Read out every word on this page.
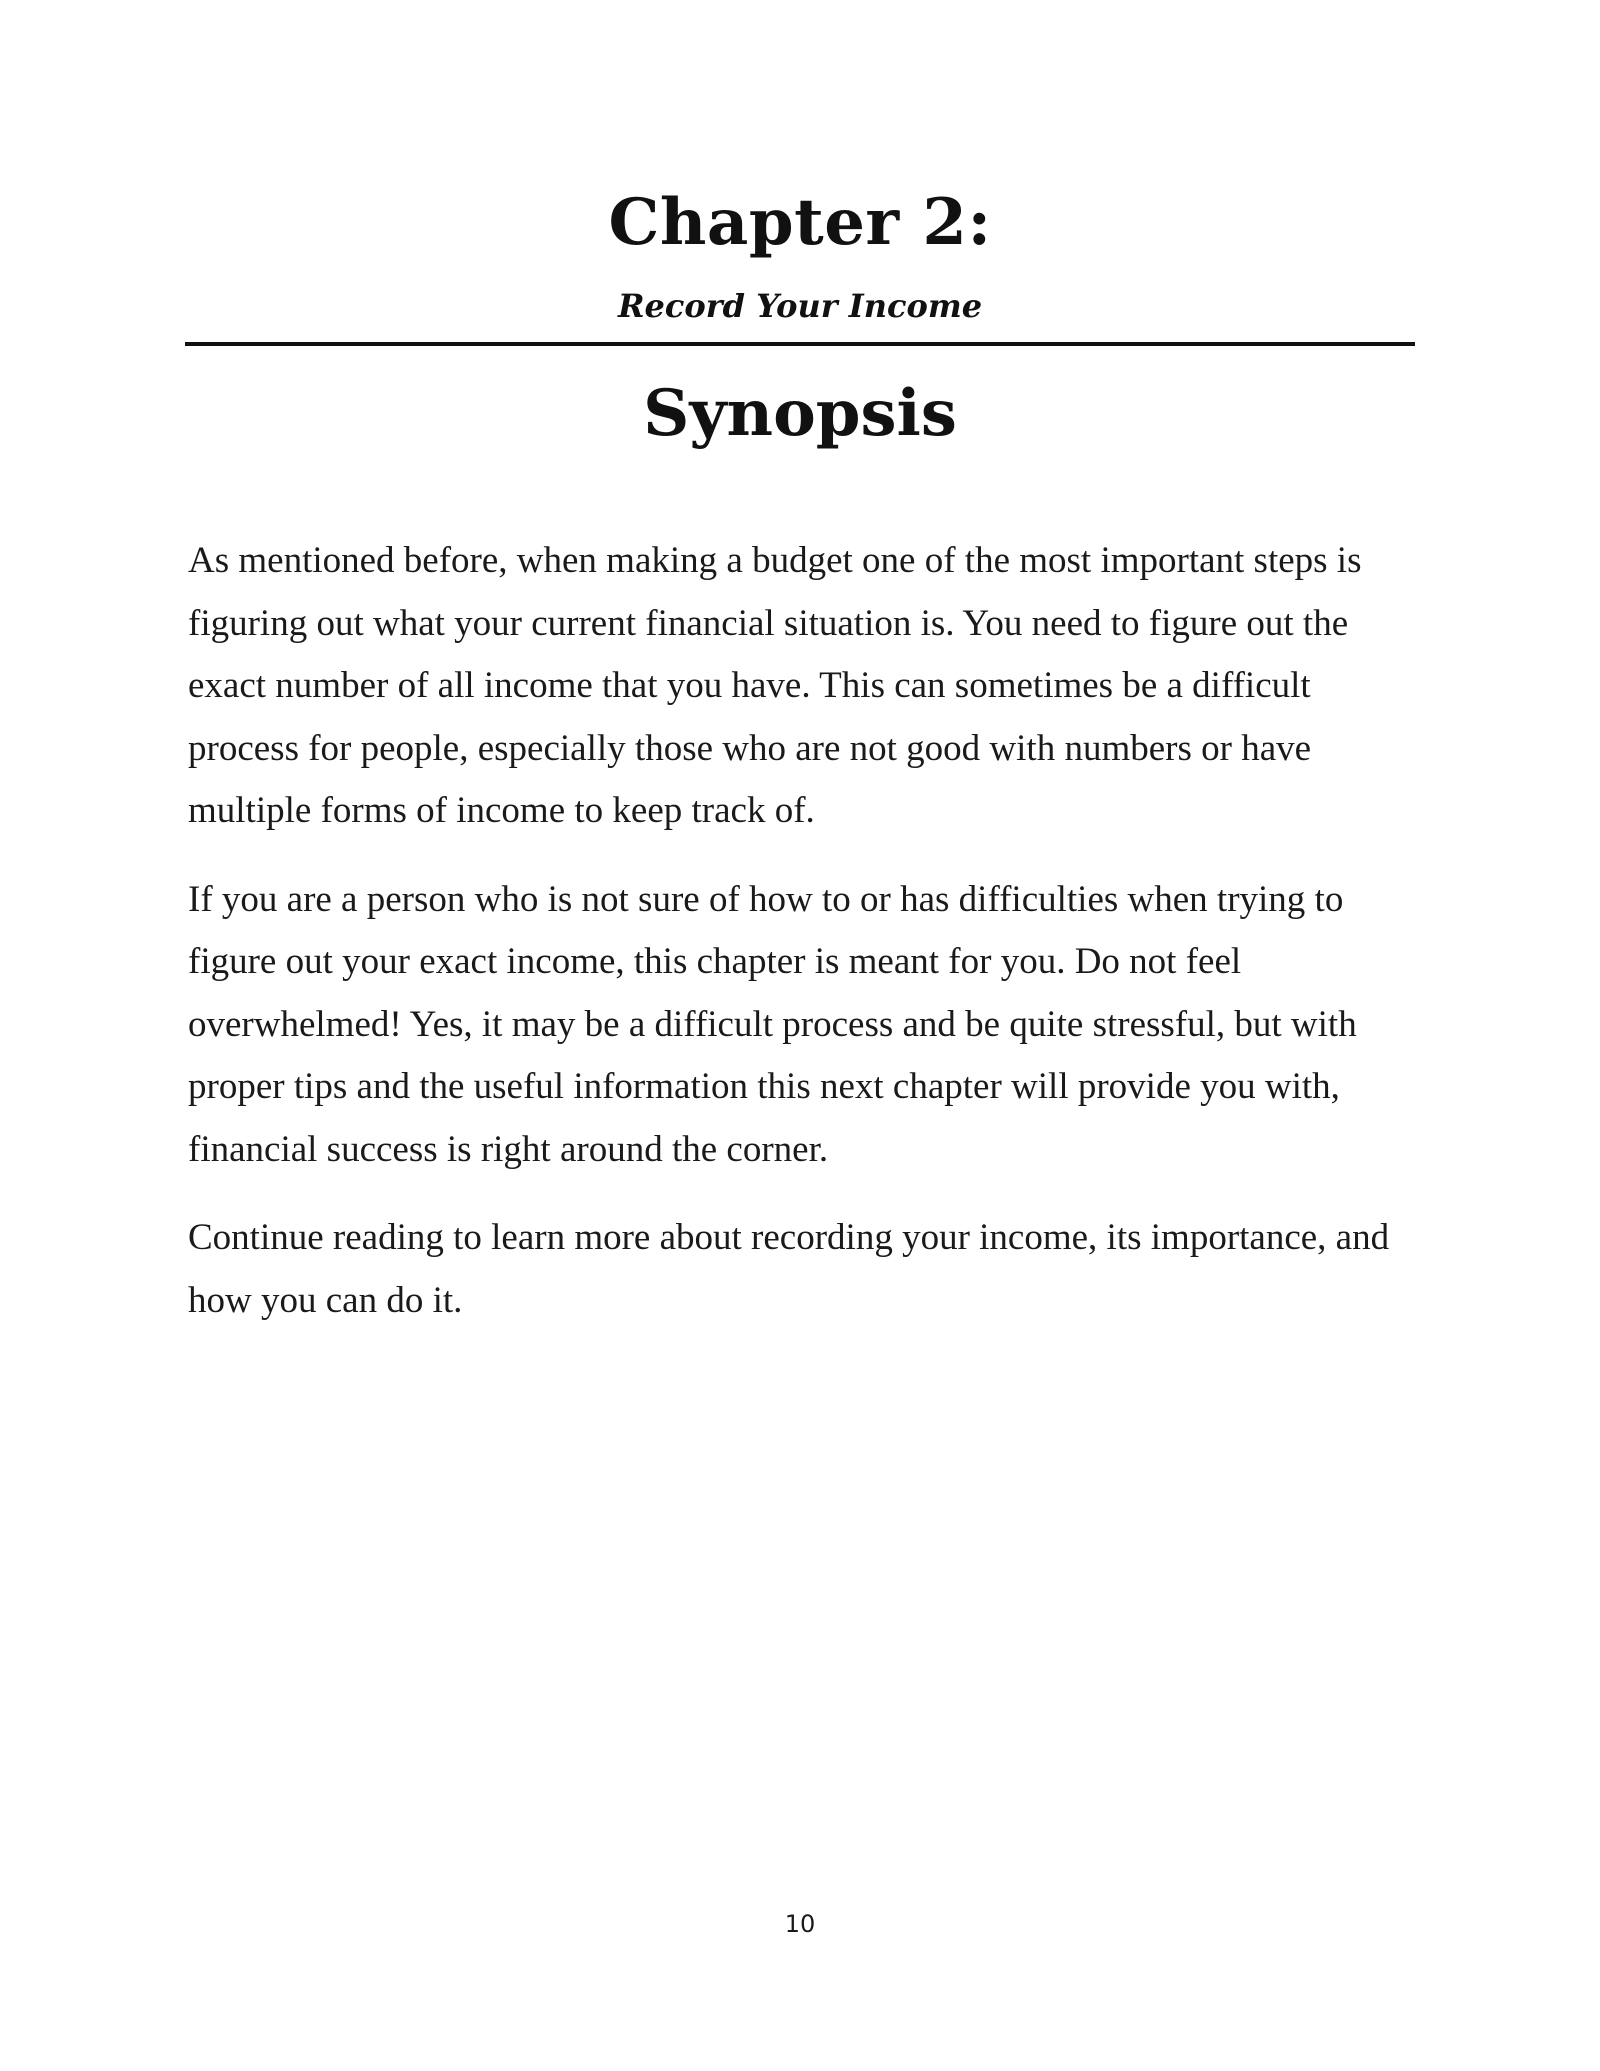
Chapter 2:
Record Your Income
Synopsis

As mentioned before, when making a budget one of the most important steps is figuring out what your current financial situation is. You need to figure out the exact number of all income that you have. This can sometimes be a difficult process for people, especially those who are not good with numbers or have multiple forms of income to keep track of.

If you are a person who is not sure of how to or has difficulties when trying to figure out your exact income, this chapter is meant for you. Do not feel overwhelmed! Yes, it may be a difficult process and be quite stressful, but with proper tips and the useful information this next chapter will provide you with, financial success is right around the corner.

Continue reading to learn more about recording your income, its importance, and how you can do it.

10
